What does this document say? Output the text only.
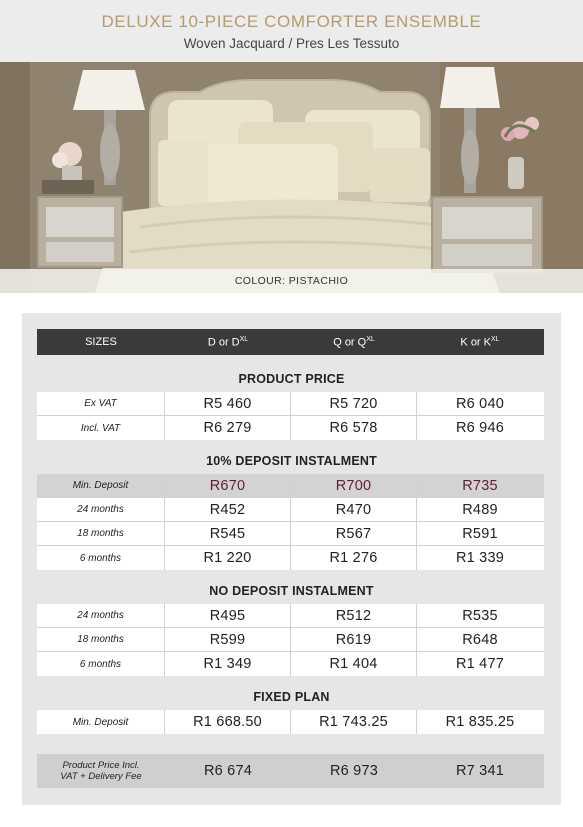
DELUXE 10-PIECE COMFORTER ENSEMBLE
Woven Jacquard / Pres Les Tessuto
COLOUR: PISTACHIO
SIZES	D or $D^{XL}$	Q or $Q^{XL}$	K or $K^{XL}$
PRODUCT PRICE
Ex VAT	R5 460	R5 720	R6 040
Incl. VAT	R6 279	R6 578	R6 946
10% DEPOSIT INSTALMENT
Min. Deposit	R670	R700	R735
24 months	R452	R470	R489
18 months	R545	R567	R591
6 months	R1 220	R1 276	R1 339
NO DEPOSIT INSTALMENT
24 months	R495	R512	R535
18 months	R599	R619	R648
6 months	R1 349	R1 404	R1 477
FIXED PLAN
Min. Deposit	R1 668.50	R1 743.25	R1 835.25
Product Price Incl.
VAT + Delivery Fee	R6 674	R6 973	R7 341
